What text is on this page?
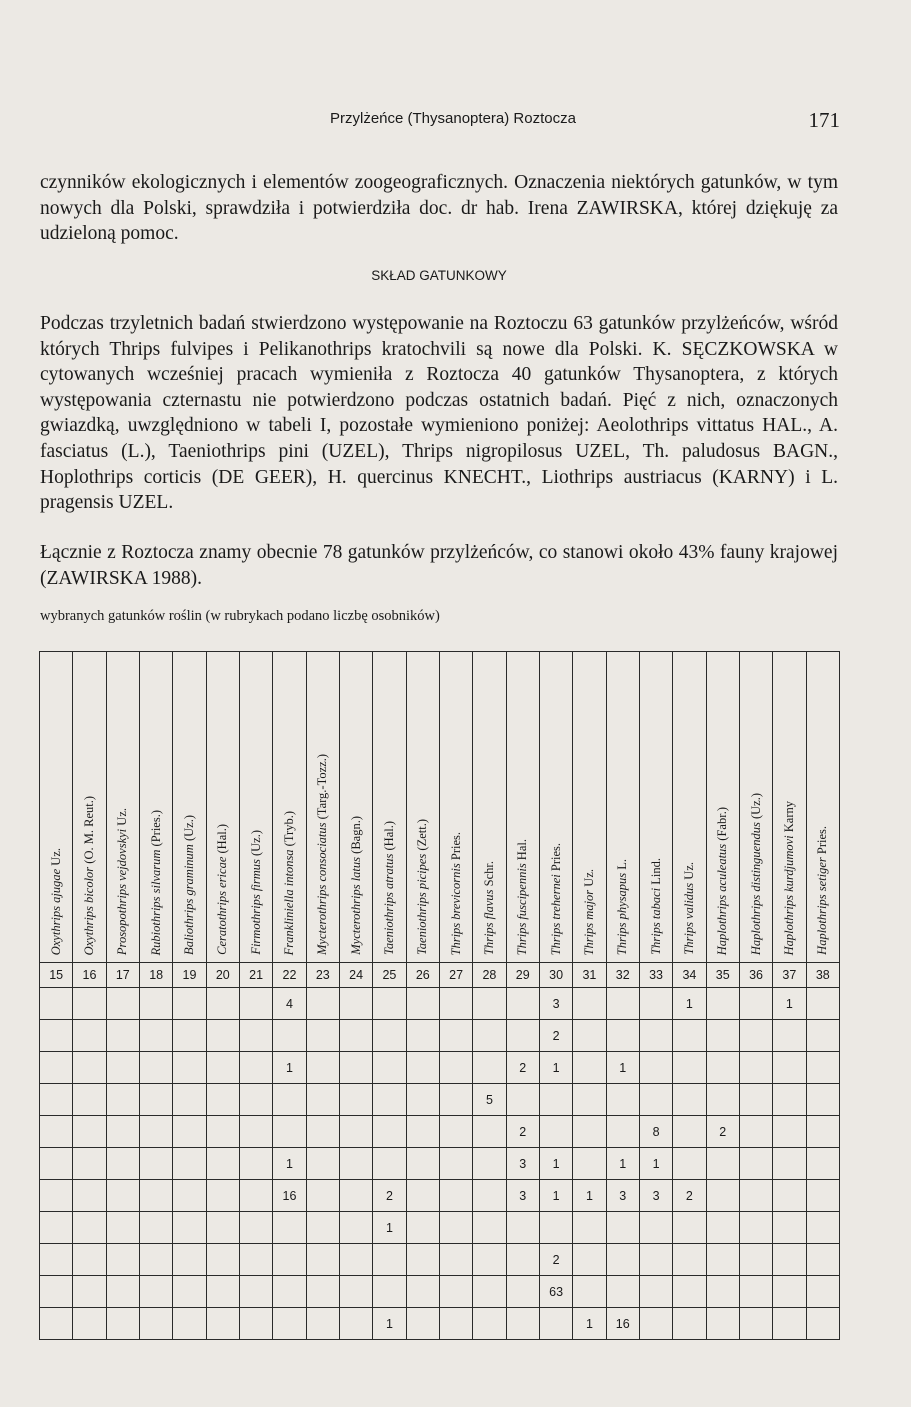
Przylżeńce (Thysanoptera) Roztocza	171
czynników ekologicznych i elementów zoogeograficznych. Oznaczenia niektórych gatunków, w tym nowych dla Polski, sprawdziła i potwierdziła doc. dr hab. Irena ZAWIRSKA, której dziękuję za udzieloną pomoc.
SKŁAD GATUNKOWY
Podczas trzyletnich badań stwierdzono występowanie na Roztoczu 63 gatunków przylżeńców, wśród których Thrips fulvipes i Pelikanothrips kratochvili są nowe dla Polski. K. SĘCZKOWSKA w cytowanych wcześniej pracach wymieniła z Roztocza 40 gatunków Thysanoptera, z których występowania czternastu nie potwierdzono podczas ostatnich badań. Pięć z nich, oznaczonych gwiazdką, uwzględniono w tabeli I, pozostałe wymieniono poniżej: Aeolothrips vittatus HAL., A. fasciatus (L.), Taeniothrips pini (UZEL), Thrips nigropilosus UZEL, Th. paludosus BAGN., Hoplothrips corticis (DE GEER), H. quercinus KNECHT., Liothrips austriacus (KARNY) i L. pragensis UZEL.
Łącznie z Roztocza znamy obecnie 78 gatunków przylżeńców, co stanowi około 43% fauny krajowej (ZAWIRSKA 1988).
wybranych gatunków roślin (w rubrykach podano liczbę osobników)
Oxythrips ajugae Uz.	Oxythrips bicolor (O. M. Reut.)	Prosopothrips vejdovskyi Uz.	Rubiothrips silvarum (Pries.)	Baliothrips graminum (Uz.)	Ceratothrips ericae (Hal.)	Firmothrips firmus (Uz.)	Frankliniella intonsa (Tryb.)	Mycterothrips consociatus (Targ.-Tozz.)	Mycterothrips latus (Bagn.)	Taeniothrips atratus (Hal.)	Taeniothrips picipes (Zett.)	Thrips brevicornis Pries.	Thrips flavus Schr.	Thrips fuscipennis Hal.	Thrips trehernei Pries.	Thrips major Uz.	Thrips physapus L.	Thrips tabaci Lind.	Thrips validus Uz.	Haplothrips aculeatus (Fabr.)	Haplothrips distinguendus (Uz.)	Haplothrips kurdjumovi Karny	Haplothrips setiger Pries.
15	16	17	18	19	20	21	22	23	24	25	26	27	28	29	30	31	32	33	34	35	36	37	38
							4								3				1			1	
															2								
							1							2	1		1						
													5										
														2				8		2			
							1							3	1		1	1					
							16			2				3	1	1	3	3	2				
										1													
															2								
															63								
										1						1	16						
